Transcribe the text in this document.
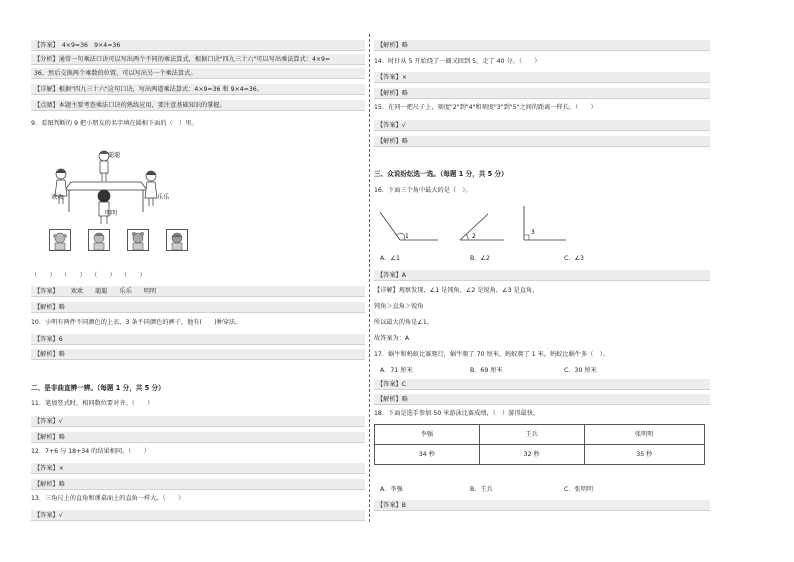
【答案】　4×9=36　9×4=36
【分析】通常一句乘法口诀可以写出两个不同的乘法算式，根据口诀"四九三十六"可以写出乘法算式：4×9=
36，然后交换两个乘数的位置，可以写出另一个乘法算式。
【详解】根据"四九三十六"这句口诀，写出两道乘法算式：4×9=36 和 9×4=36。
【点睛】本题主要考查乘法口诀的熟练应用，要注意基础知识的掌握。
9．看图判断的 9 把小朋友的名字填在圆相下面的（　）里。
聪聪
欢欢	乐乐
明明
（　　） （　　） （　　） （　　）
【答案】 欢欢 聪聪 乐乐 明明
【解析】略
10．小明有两件不同颜色的上衣，3 条不同颜色的裤子，他有(　　)种穿法。
【答案】6
【解析】略
二、是非曲直辨一辨。（每题 1 分，共 5 分）
11．笔加竖式时，相同数位要对齐。（　　）
【答案】√
【解析】略
12．7+6 与 18+34 的结果相同。（　　）
【答案】×
【解析】略
13．三角尺上的直角和课桌面上的直角一样大。（　　）
【答案】√
【解析】略
14．时针从 5 开始绕了一圈又回到 5，走了 40 分。（　　）
【答案】×
【解析】略
15．在同一把尺子上，刻度"2"到"4"和刻度"3"到"5"之间的距离一样长。（　　）
【答案】√
【解析】略
三、众说纷纭选一选。（每题 1 分，共 5 分）
16．下面三个角中最大的是（　）。
1	2
3
A．∠1	B．∠2	C．∠3
【答案】A
【详解】观察发现，∠1 是钝角，∠2 是锐角，∠3 是直角，
钝角＞直角＞锐角
所以最大的角是∠1。
故答案为：A
17．蜗牛和蚂蚁比赛爬行，蜗牛爬了 70 厘米，蚂蚁爬了 1 米，蚂蚁比蜗牛多（　）。
A．71 厘米	B．69 厘米	C．30 厘米
【答案】C
【解析】略
18．下面是选手参加 50 米游泳比赛成绩，（　）游得最快。
李强	王兵	张明明
34 秒	32 秒	35 秒
A．李强	B．王兵	C．张明明
【答案】B
